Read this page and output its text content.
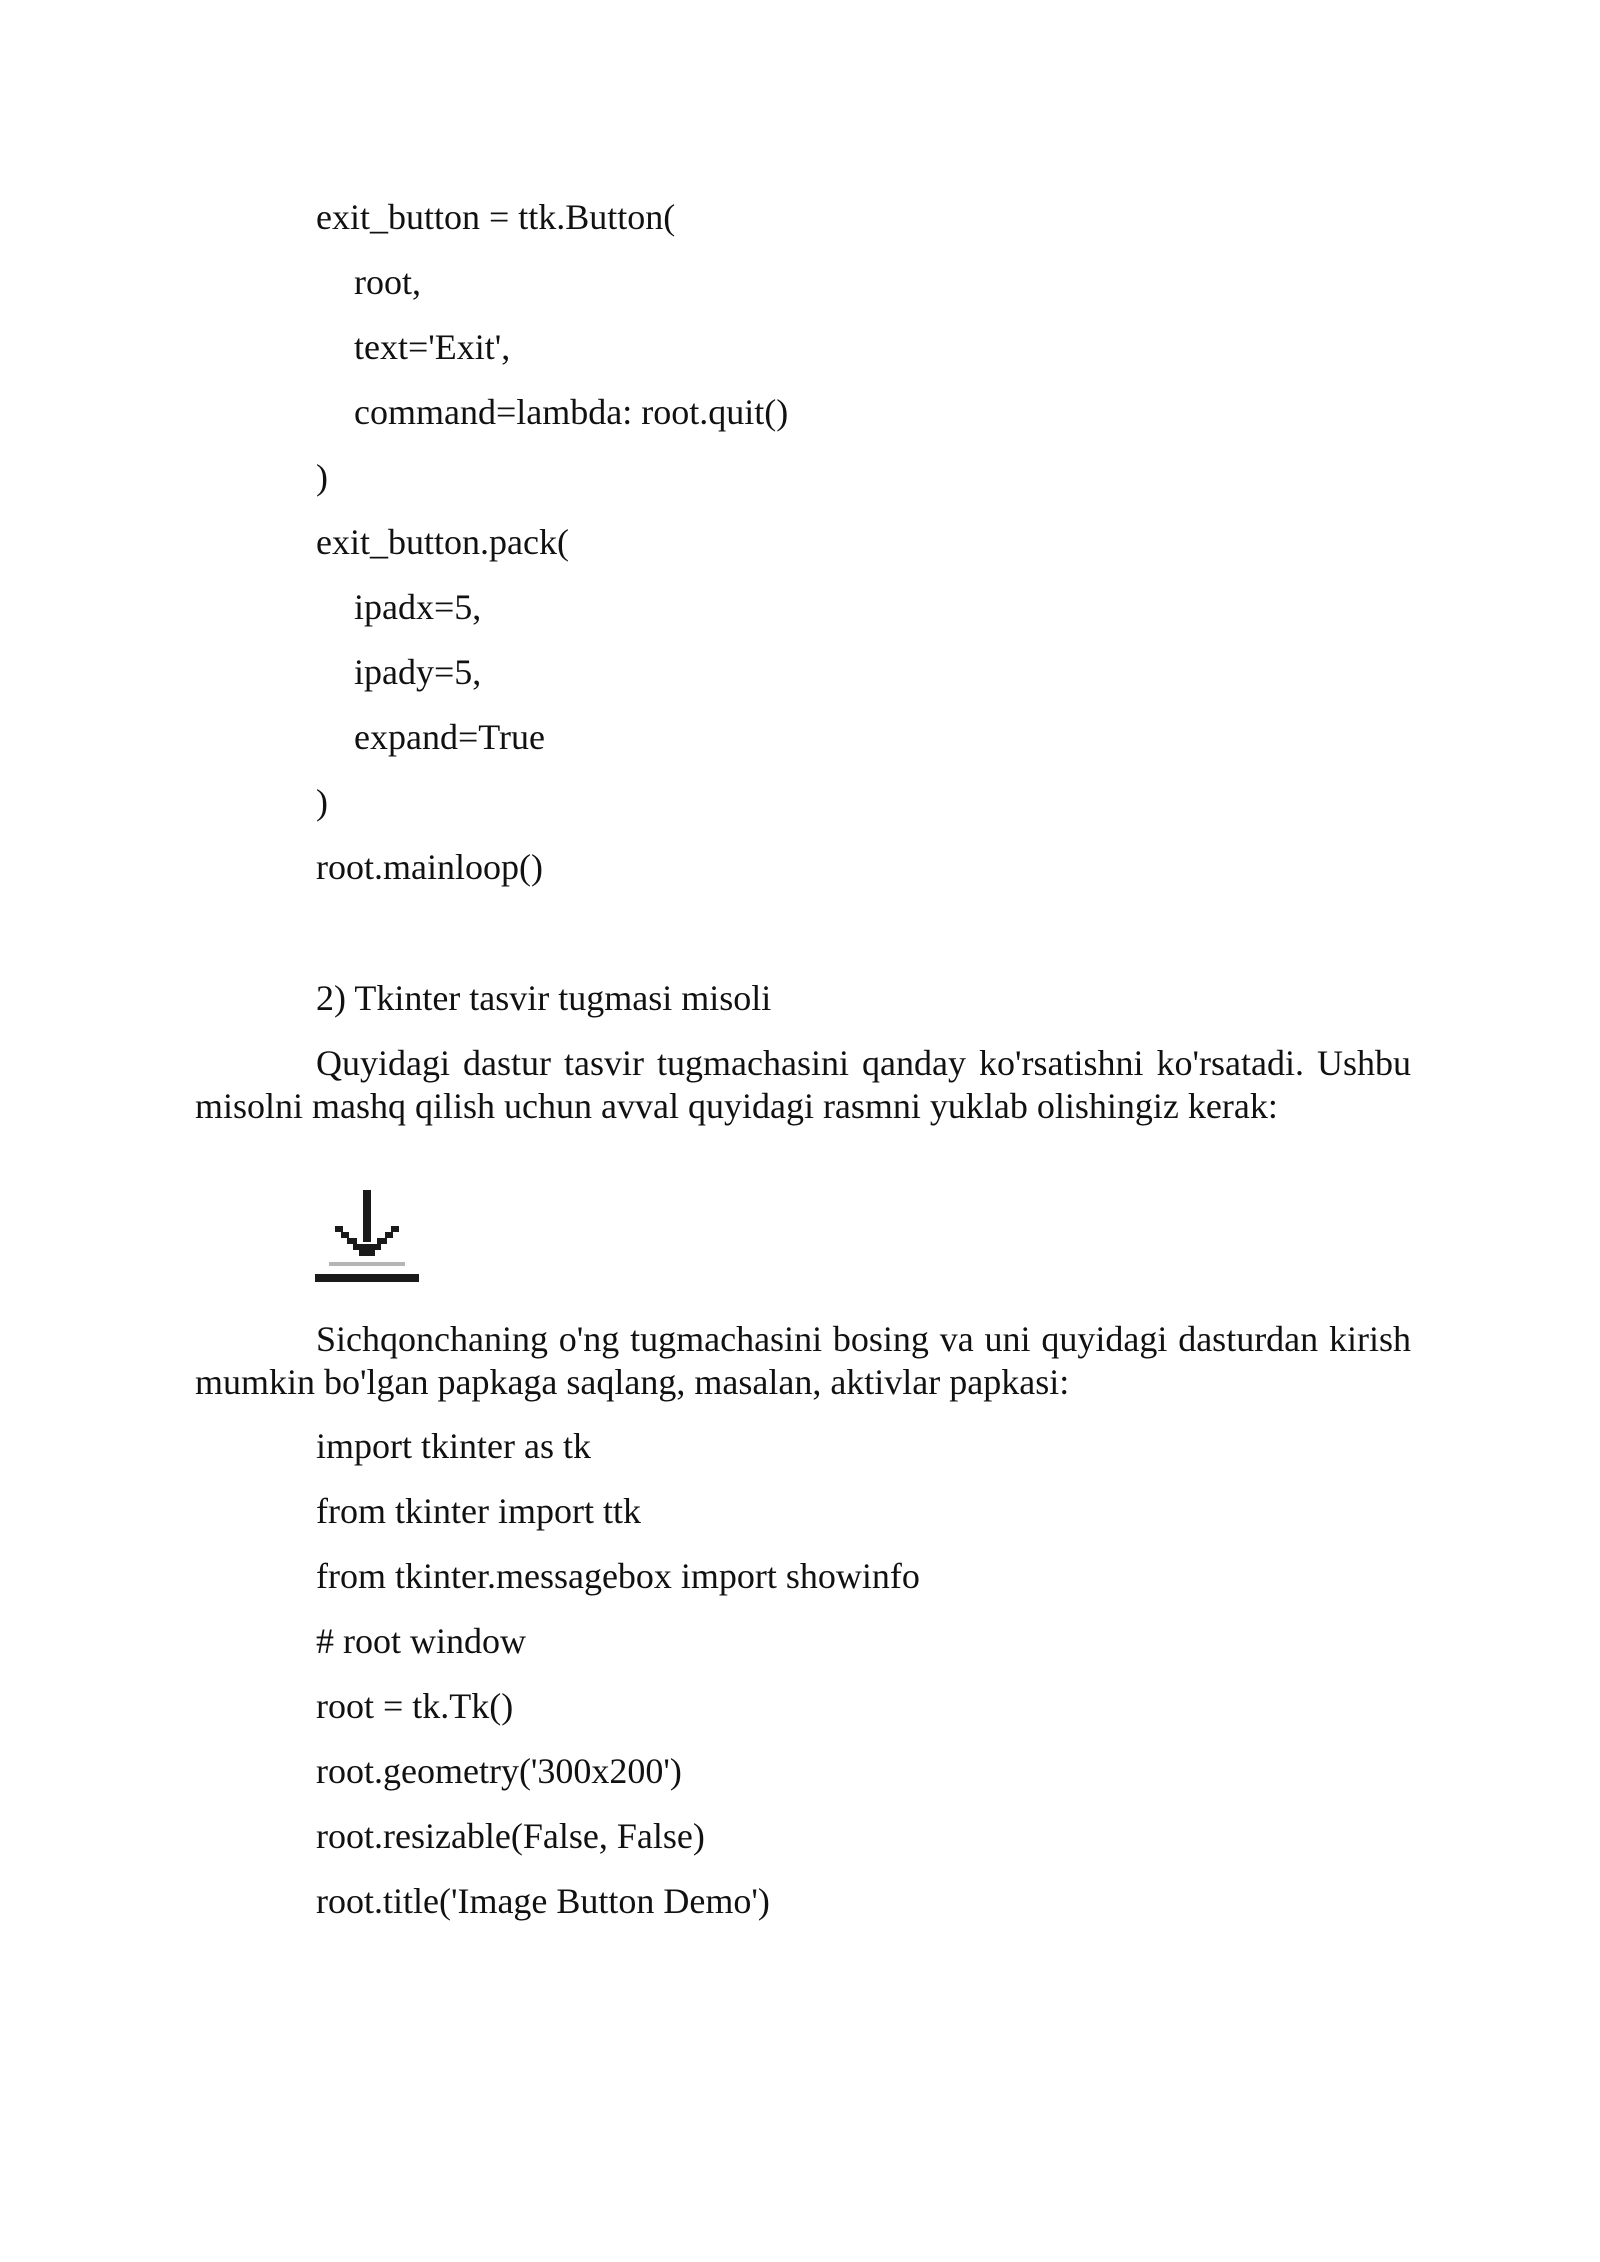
exit_button = ttk.Button(
root,
text='Exit',
command=lambda: root.quit()
)
exit_button.pack(
ipadx=5,
ipady=5,
expand=True
)
root.mainloop()
2) Tkinter tasvir tugmasi misoli

Quyidagi dastur tasvir tugmachasini qanday ko'rsatishni ko'rsatadi. Ushbu misolni mashq qilish uchun avval quyidagi rasmni yuklab olishingiz kerak:

Sichqonchaning o'ng tugmachasini bosing va uni quyidagi dasturdan kirish mumkin bo'lgan papkaga saqlang, masalan, aktivlar papkasi:

import tkinter as tk
from tkinter import ttk
from tkinter.messagebox import showinfo
# root window
root = tk.Tk()
root.geometry('300x200')
root.resizable(False, False)
root.title('Image Button Demo')
